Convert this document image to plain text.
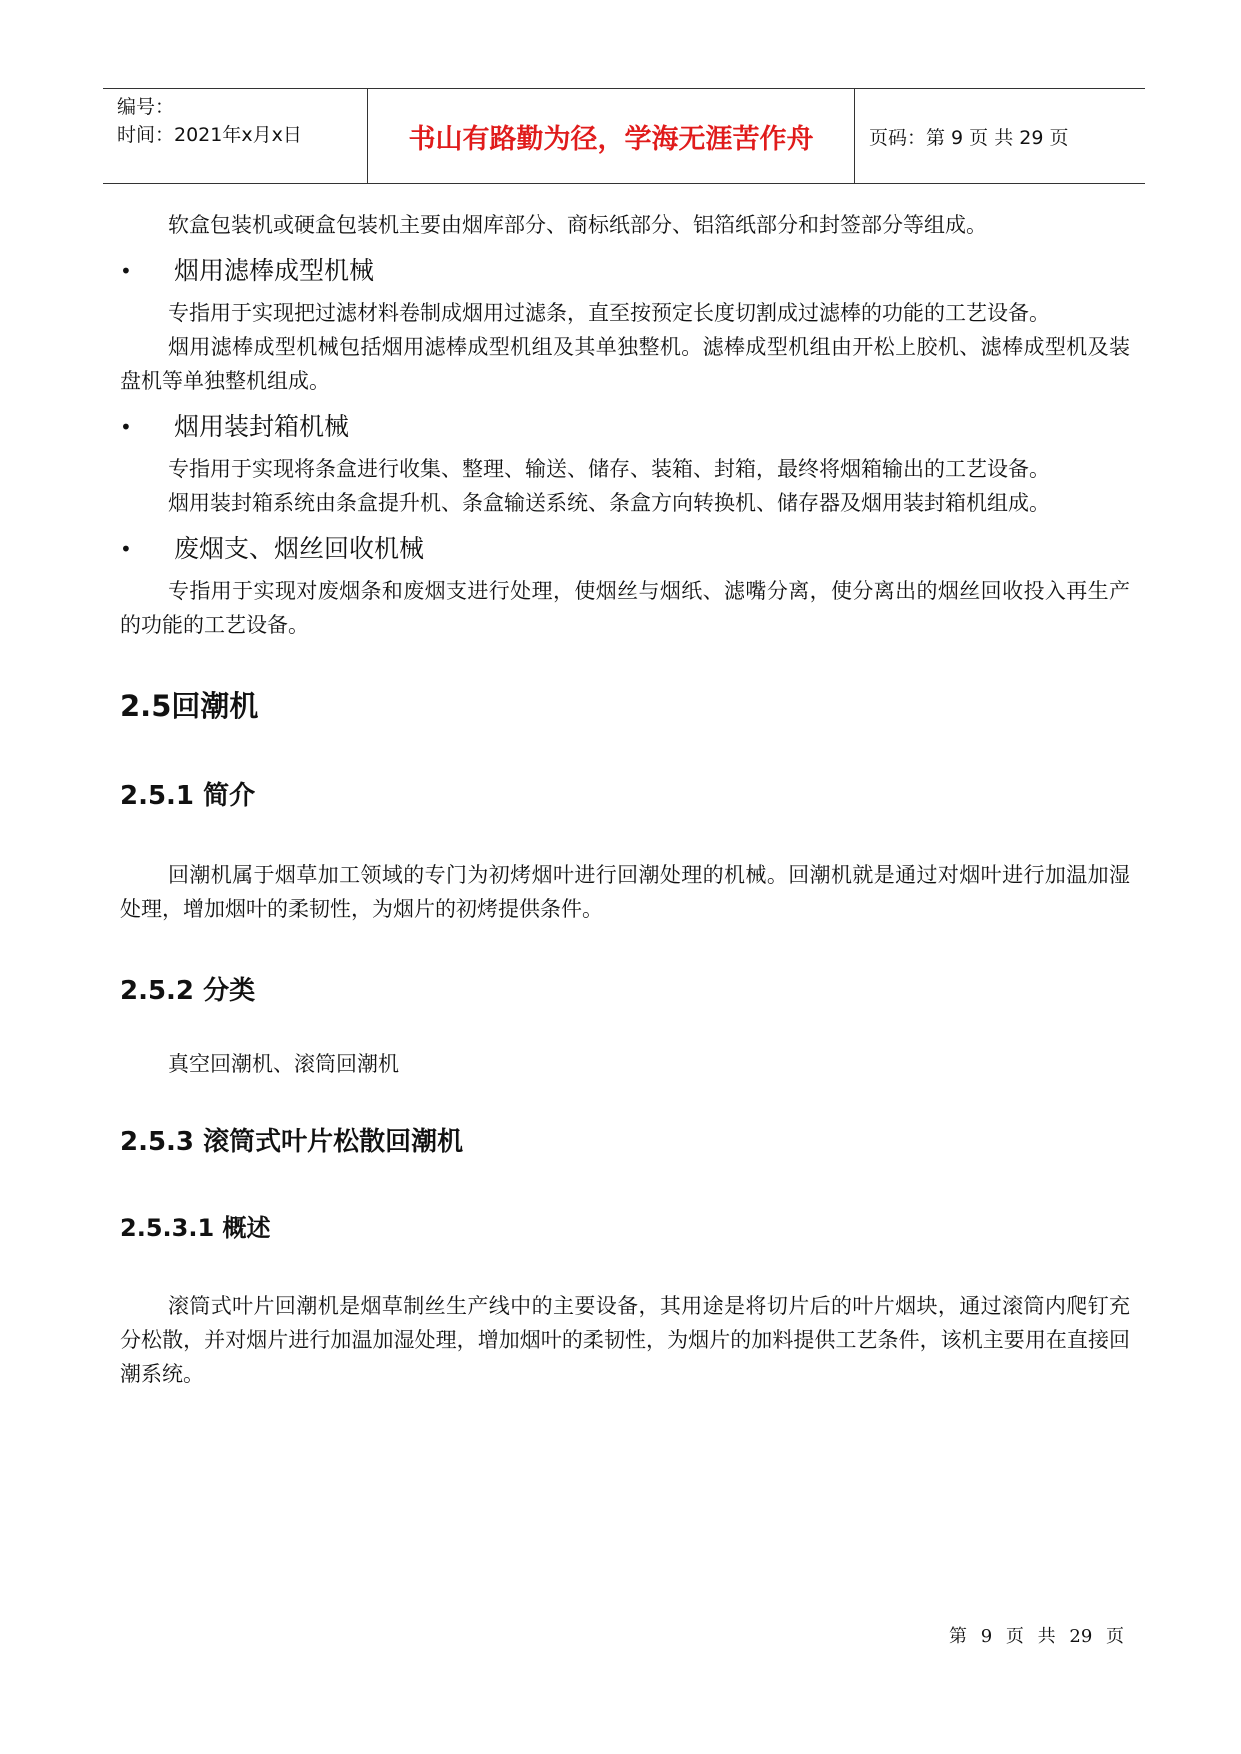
编号：
时间：2021年x月x日	书山有路勤为径，学海无涯苦作舟	页码：第 9 页 共 29 页

软盒包装机或硬盒包装机主要由烟库部分、商标纸部分、铝箔纸部分和封签部分等组成。

•	烟用滤棒成型机械

专指用于实现把过滤材料卷制成烟用过滤条，直至按预定长度切割成过滤棒的功能的工艺设备。

烟用滤棒成型机械包括烟用滤棒成型机组及其单独整机。滤棒成型机组由开松上胶机、滤棒成型机及装盘机等单独整机组成。

•	烟用装封箱机械

专指用于实现将条盒进行收集、整理、输送、储存、装箱、封箱，最终将烟箱输出的工艺设备。

烟用装封箱系统由条盒提升机、条盒输送系统、条盒方向转换机、储存器及烟用装封箱机组成。

•	废烟支、烟丝回收机械

专指用于实现对废烟条和废烟支进行处理，使烟丝与烟纸、滤嘴分离，使分离出的烟丝回收投入再生产的功能的工艺设备。

2.5回潮机
2.5.1 简介

回潮机属于烟草加工领域的专门为初烤烟叶进行回潮处理的机械。回潮机就是通过对烟叶进行加温加湿处理，增加烟叶的柔韧性，为烟片的初烤提供条件。

2.5.2 分类

真空回潮机、滚筒回潮机

2.5.3 滚筒式叶片松散回潮机
2.5.3.1 概述

滚筒式叶片回潮机是烟草制丝生产线中的主要设备，其用途是将切片后的叶片烟块，通过滚筒内爬钉充分松散，并对烟片进行加温加湿处理，增加烟叶的柔韧性，为烟片的加料提供工艺条件，该机主要用在直接回潮系统。

第 9 页 共 29 页
